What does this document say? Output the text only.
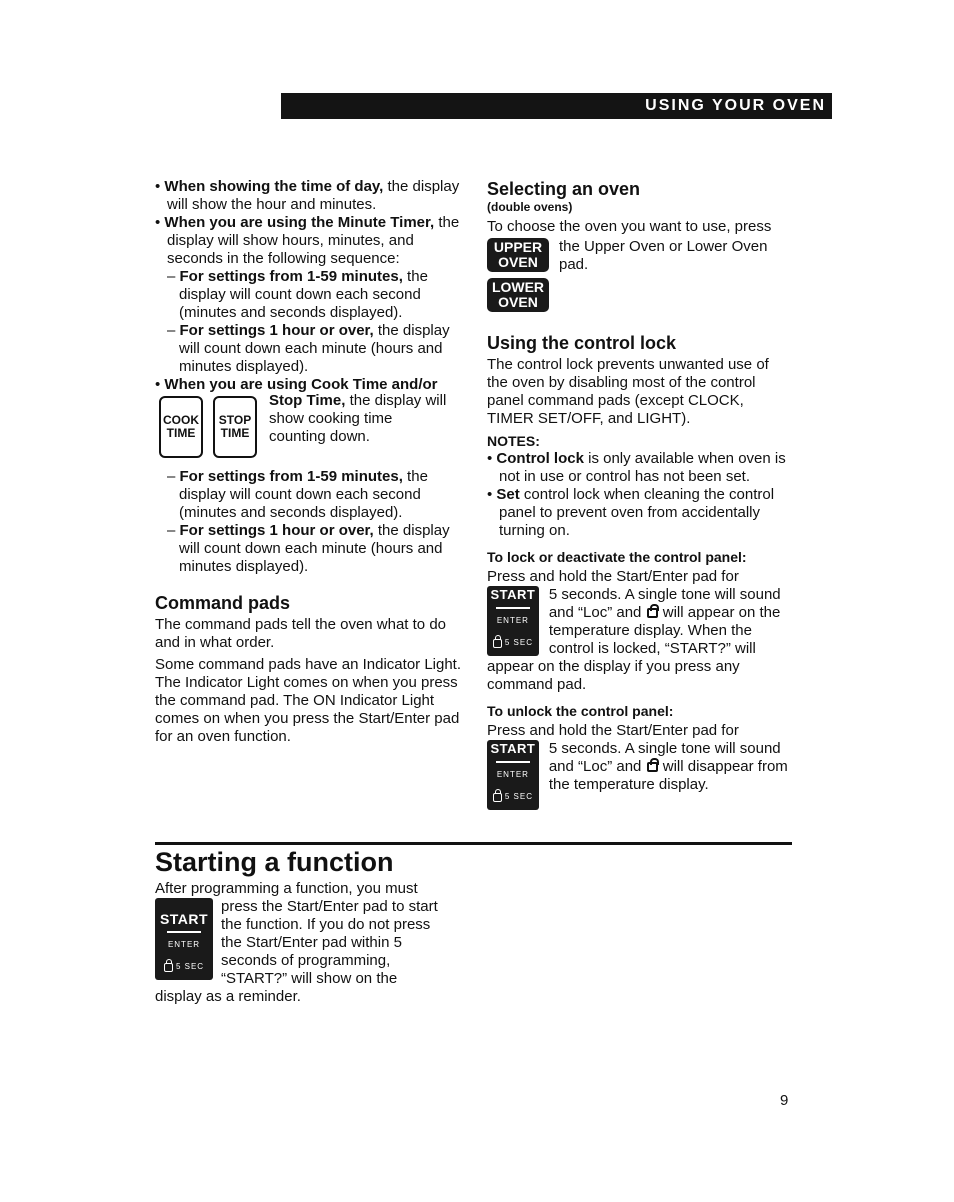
USING YOUR OVEN

• When showing the time of day, the display will show the hour and minutes.

• When you are using the Minute Timer, the display will show hours, minutes, and seconds in the following sequence:

– For settings from 1-59 minutes, the display will count down each second (minutes and seconds displayed).

– For settings 1 hour or over, the display will count down each minute (hours and minutes displayed).

• When you are using Cook Time and/or

COOK
TIME
STOP
TIME

Stop Time, the display will show cooking time counting down.

– For settings from 1-59 minutes, the display will count down each second (minutes and seconds displayed).

– For settings 1 hour or over, the display will count down each minute (hours and minutes displayed).

Command pads

The command pads tell the oven what to do and in what order.

Some command pads have an Indicator Light. The Indicator Light comes on when you press the command pad. The ON Indicator Light comes on when you press the Start/Enter pad for an oven function.

Selecting an oven
(double ovens)

To choose the oven you want to use, press

UPPER
OVEN
LOWER
OVEN

the Upper Oven or Lower Oven pad.

Using the control lock

The control lock prevents unwanted use of the oven by disabling most of the control panel command pads (except CLOCK, TIMER SET/OFF, and LIGHT).

NOTES:

• Control lock is only available when oven is not in use or control has not been set.

• Set control lock when cleaning the control panel to prevent oven from accidentally turning on.

To lock or deactivate the control panel:

Press and hold the Start/Enter pad for

START
ENTER
5 SEC

5 seconds. A single tone will sound and “Loc” and  will appear on the temperature display. When the control is locked, “START?” will

appear on the display if you press any command pad.

To unlock the control panel:

Press and hold the Start/Enter pad for

START
ENTER
5 SEC

5 seconds. A single tone will sound and “Loc” and  will disappear from the temperature display.

Starting a function

After programming a function, you must

START
ENTER
5 SEC

press the Start/Enter pad to start the function. If you do not press the Start/Enter pad within 5 seconds of programming, “START?” will show on the

display as a reminder.

9
